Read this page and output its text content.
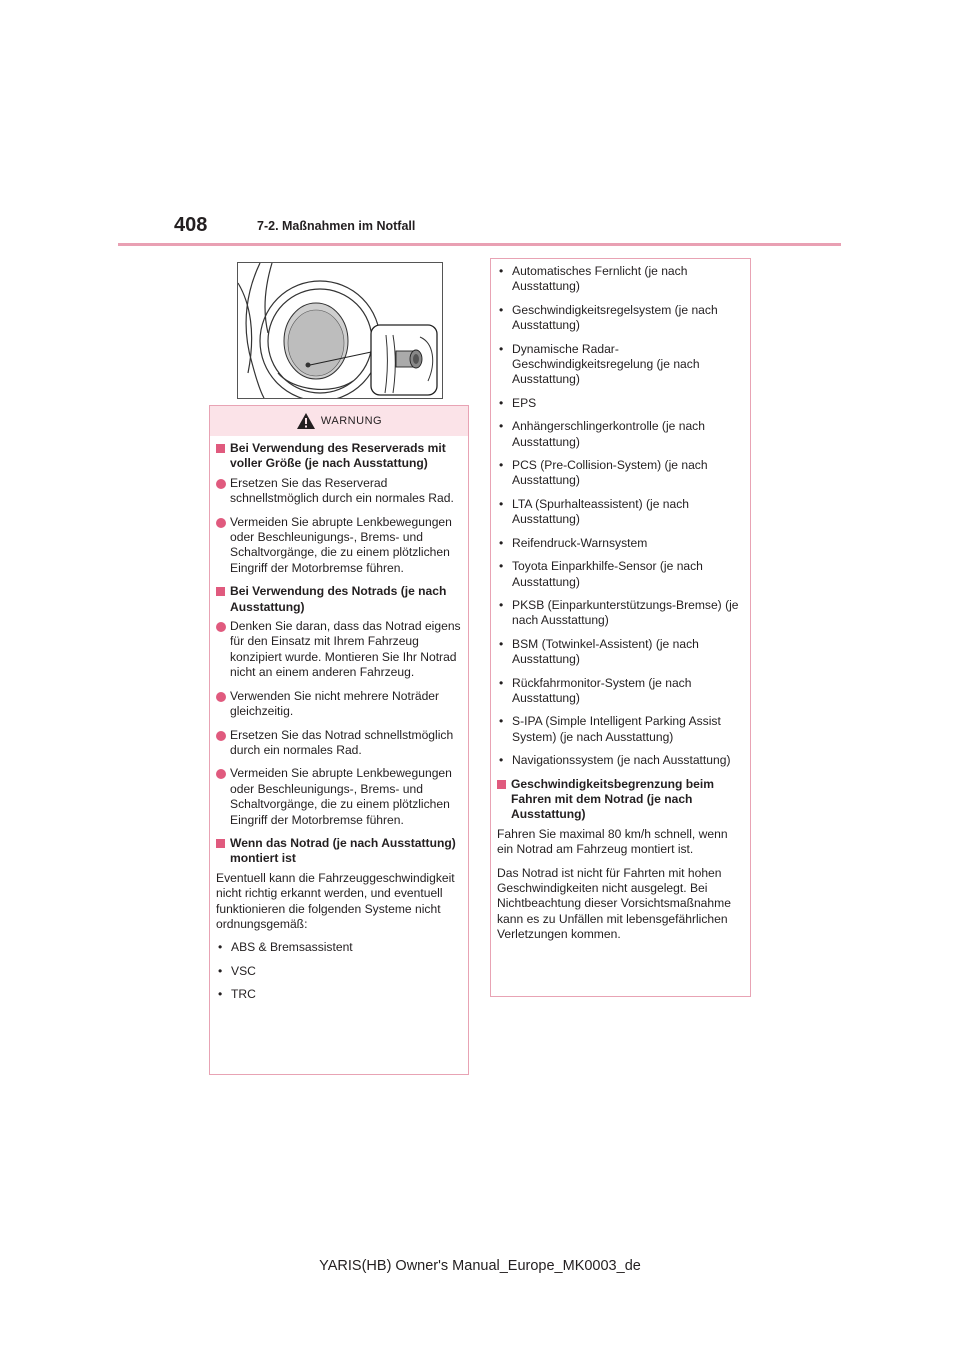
408	7-2. Maßnahmen im Notfall
WARNUNG
Bei Verwendung des Reserverads mit voller Größe (je nach Ausstattung)
Ersetzen Sie das Reserverad schnellstmöglich durch ein normales Rad.
Vermeiden Sie abrupte Lenkbewegungen oder Beschleunigungs-, Brems- und Schaltvorgänge, die zu einem plötzlichen Eingriff der Motorbremse führen.
Bei Verwendung des Notrads (je nach Ausstattung)
Denken Sie daran, dass das Notrad eigens für den Einsatz mit Ihrem Fahrzeug konzipiert wurde. Montieren Sie Ihr Notrad nicht an einem anderen Fahrzeug.
Verwenden Sie nicht mehrere Noträder gleichzeitig.
Ersetzen Sie das Notrad schnellstmöglich durch ein normales Rad.
Vermeiden Sie abrupte Lenkbewegungen oder Beschleunigungs-, Brems- und Schaltvorgänge, die zu einem plötzlichen Eingriff der Motorbremse führen.
Wenn das Notrad (je nach Ausstattung) montiert ist
Eventuell kann die Fahrzeuggeschwindigkeit nicht richtig erkannt werden, und eventuell funktionieren die folgenden Systeme nicht ordnungsgemäß:
• ABS & Bremsassistent
• VSC
• TRC
• Automatisches Fernlicht (je nach Ausstattung)
• Geschwindigkeitsregelsystem (je nach Ausstattung)
• Dynamische Radar-Geschwindigkeitsregelung (je nach Ausstattung)
• EPS
• Anhängerschlingerkontrolle (je nach Ausstattung)
• PCS (Pre-Collision-System) (je nach Ausstattung)
• LTA (Spurhalteassistent) (je nach Ausstattung)
• Reifendruck-Warnsystem
• Toyota Einparkhilfe-Sensor (je nach Ausstattung)
• PKSB (Einparkunterstützungs-Bremse) (je nach Ausstattung)
• BSM (Totwinkel-Assistent) (je nach Ausstattung)
• Rückfahrmonitor-System (je nach Ausstattung)
• S-IPA (Simple Intelligent Parking Assist System) (je nach Ausstattung)
• Navigationssystem (je nach Ausstattung)
Geschwindigkeitsbegrenzung beim Fahren mit dem Notrad (je nach Ausstattung)
Fahren Sie maximal 80 km/h schnell, wenn ein Notrad am Fahrzeug montiert ist.
Das Notrad ist nicht für Fahrten mit hohen Geschwindigkeiten nicht ausgelegt. Bei Nichtbeachtung dieser Vorsichtsmaßnahme kann es zu Unfällen mit lebensgefährlichen Verletzungen kommen.
YARIS(HB) Owner's Manual_Europe_MK0003_de
